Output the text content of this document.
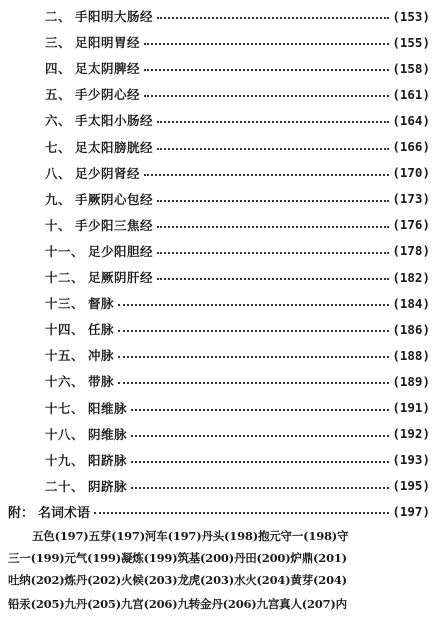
二、 手阳明大肠经	(153)
三、 足阳明胃经	(155)
四、 足太阴脾经	(158)
五、 手少阴心经	(161)
六、 手太阳小肠经	(164)
七、 足太阳膀胱经	(166)
八、 足少阴肾经	(170)
九、 手厥阴心包经	(173)
十、 手少阳三焦经	(176)
十一、 足少阳胆经	(178)
十二、 足厥阴肝经	(182)
十三、 督脉	(184)
十四、 任脉	(186)
十五、 冲脉	(188)
十六、 带脉	(189)
十七、 阳维脉	(191)
十八、 阴维脉	(192)
十九、 阳跻脉	(193)
二十、 阴跻脉	(195)
附： 名词术语	(197)
五色(197)五芽(197)河车(197)丹头(198)抱元守一(198)守
三一(199)元气(199)凝炼(199)筑基(200)丹田(200)炉鼎(201)
吐纳(202)炼丹(202)火候(203)龙虎(203)水火(204)黄芽(204)
铅汞(205)九丹(205)九宫(206)九转金丹(206)九宫真人(207)内
